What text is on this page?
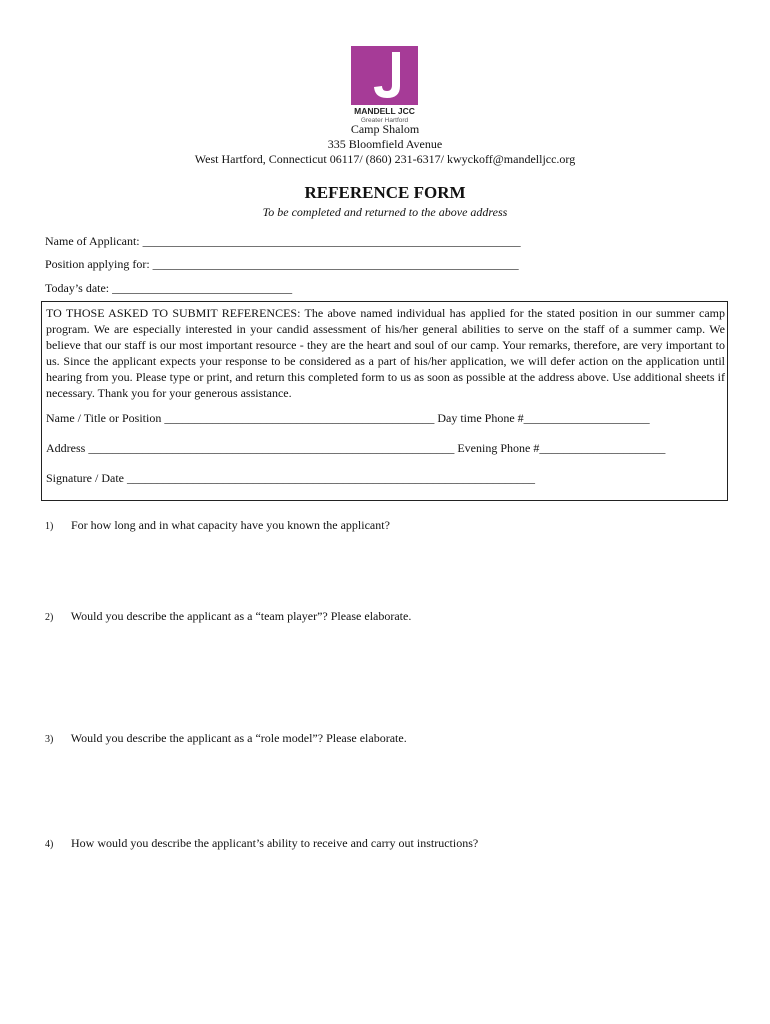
MANDELL JCC
Greater Hartford
Camp Shalom
335 Bloomfield Avenue
West Hartford, Connecticut 06117/ (860) 231-6317/ kwyckoff@mandelljcc.org
REFERENCE FORM
To be completed and returned to the above address
Name of Applicant: _______________________________________________________________
Position applying for: _____________________________________________________________
Today’s date: ______________________________
TO THOSE ASKED TO SUBMIT REFERENCES: The above named individual has applied for the stated position in our summer camp program. We are especially interested in your candid assessment of his/her general abilities to serve on the staff of a summer camp. We believe that our staff is our most important resource - they are the heart and soul of our camp. Your remarks, therefore, are very important to us. Since the applicant expects your response to be considered as a part of his/her application, we will defer action on the application until hearing from you. Please type or print, and return this completed form to us as soon as possible at the address above. Use additional sheets if necessary. Thank you for your generous assistance.
Name / Title or Position _____________________________________________ Day time Phone #_____________________
Address _____________________________________________________________ Evening Phone #_____________________
Signature / Date ____________________________________________________________________
1) For how long and in what capacity have you known the applicant?
2) Would you describe the applicant as a “team player”? Please elaborate.
3) Would you describe the applicant as a “role model”? Please elaborate.
4) How would you describe the applicant’s ability to receive and carry out instructions?
